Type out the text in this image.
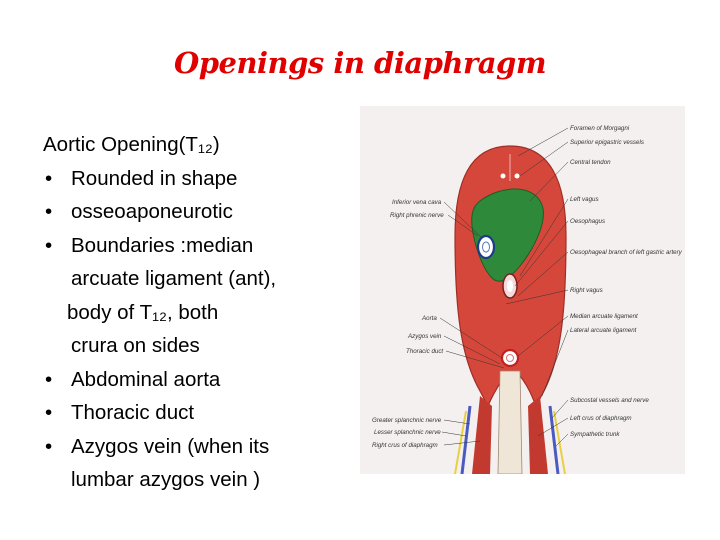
Openings in diaphragm

Aortic Opening(T₁₂)

• Rounded in shape

• osseoaponeurotic

• Boundaries :median

arcuate ligament (ant),

body of T₁₂, both

crura on sides

• Abdominal aorta

• Thoracic duct

• Azygos vein (when its

lumbar azygos vein )

Foramen of Morgagni
Superior epigastric vessels
Central tendon
Left vagus
Oesophagus
Oesophageal branch of left gastric artery
Right vagus
Median arcuate ligament
Lateral arcuate ligament
Subcostal vessels and nerve
Left crus of diaphragm
Sympathetic trunk
Inferior vena cava
Right phrenic nerve
Aorta
Azygos vein
Thoracic duct
Greater splanchnic nerve
Lesser splanchnic nerve
Right crus of diaphragm
